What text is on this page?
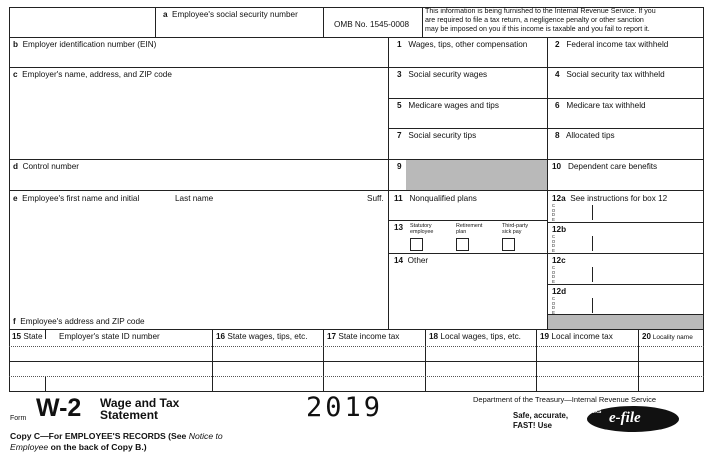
a Employee's social security number
OMB No. 1545-0008
This information is being furnished to the Internal Revenue Service. If you
are required to file a tax return, a negligence penalty or other sanction
may be imposed on you if this income is taxable and you fail to report it.
b Employer identification number (EIN)
c Employer's name, address, and ZIP code
d Control number
e Employee's first name and initial	Last name	Suff.
f Employee's address and ZIP code
1 Wages, tips, other compensation
3 Social security wages
5 Medicare wages and tips
7 Social security tips
9
11 Nonqualified plans
13 Statutory employee
Retirement plan
Third-party sick pay
14 Other
2 Federal income tax withheld
4 Social security tax withheld
6 Medicare tax withheld
8 Allocated tips
10 Dependent care benefits
12a See instructions for box 12
12b
12c
12d
C
O
D
E
C
O
D
E
C
O
D
E
C
O
D
E
15 State Employer's state ID number	16 State wages, tips, etc. 17 State income tax	18 Local wages, tips, etc. 19 Local income tax	20 Locality name
Form W-2 Wage and Tax
Statement	2019	Department of the Treasury—Internal Revenue Service
Copy C—For EMPLOYEE'S RECORDS (See Notice to
Employee on the back of Copy B.)
Safe, accurate,
FAST! Use
IRS e-file
